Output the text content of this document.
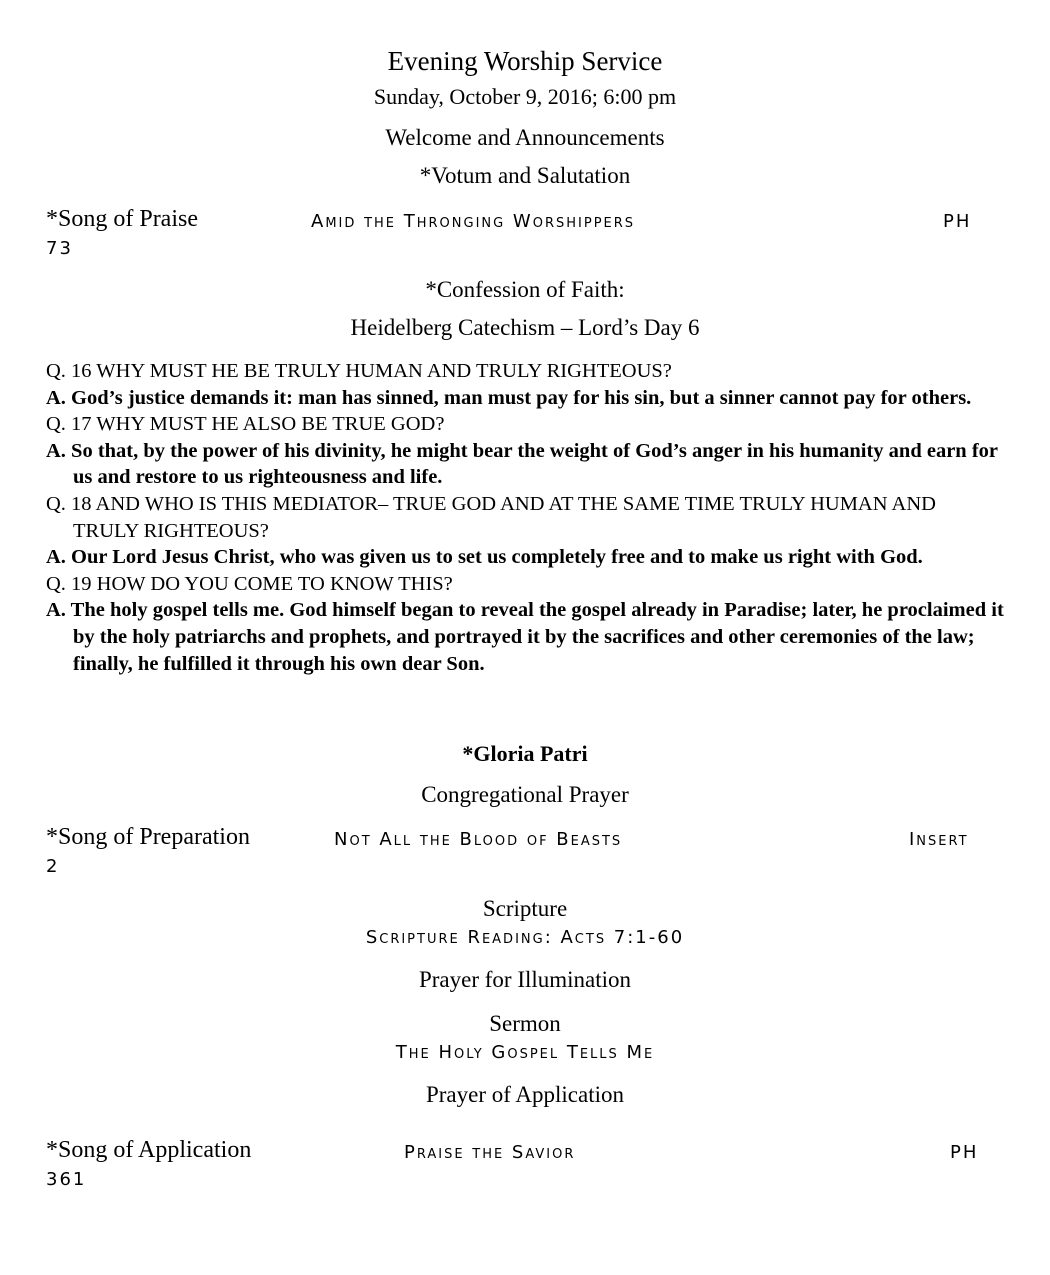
Evening Worship Service
Sunday, October 9, 2016; 6:00 pm
Welcome and Announcements
*Votum and Salutation
*Song of Praise	Amid the Thronging Worshippers	PH
73
*Confession of Faith:
Heidelberg Catechism – Lord’s Day 6

Q. 16 WHY MUST HE BE TRULY HUMAN AND TRULY RIGHTEOUS?

A. God’s justice demands it: man has sinned, man must pay for his sin, but a sinner cannot pay for others.

Q. 17 WHY MUST HE ALSO BE TRUE GOD?

A. So that, by the power of his divinity, he might bear the weight of God’s anger in his humanity and earn for us and restore to us righteousness and life.

Q. 18 AND WHO IS THIS MEDIATOR– TRUE GOD AND AT THE SAME TIME TRULY HUMAN AND TRULY RIGHTEOUS?

A. Our Lord Jesus Christ, who was given us to set us completely free and to make us right with God.

Q. 19 HOW DO YOU COME TO KNOW THIS?

A. The holy gospel tells me. God himself began to reveal the gospel already in Paradise; later, he proclaimed it by the holy patriarchs and prophets, and portrayed it by the sacrifices and other ceremonies of the law; finally, he fulfilled it through his own dear Son.

*Gloria Patri
Congregational Prayer
*Song of Preparation	Not All the Blood of Beasts	Insert
2
Scripture
Scripture Reading: Acts 7:1-60
Prayer for Illumination
Sermon
The Holy Gospel Tells Me
Prayer of Application
*Song of Application	Praise the Savior	PH
361
